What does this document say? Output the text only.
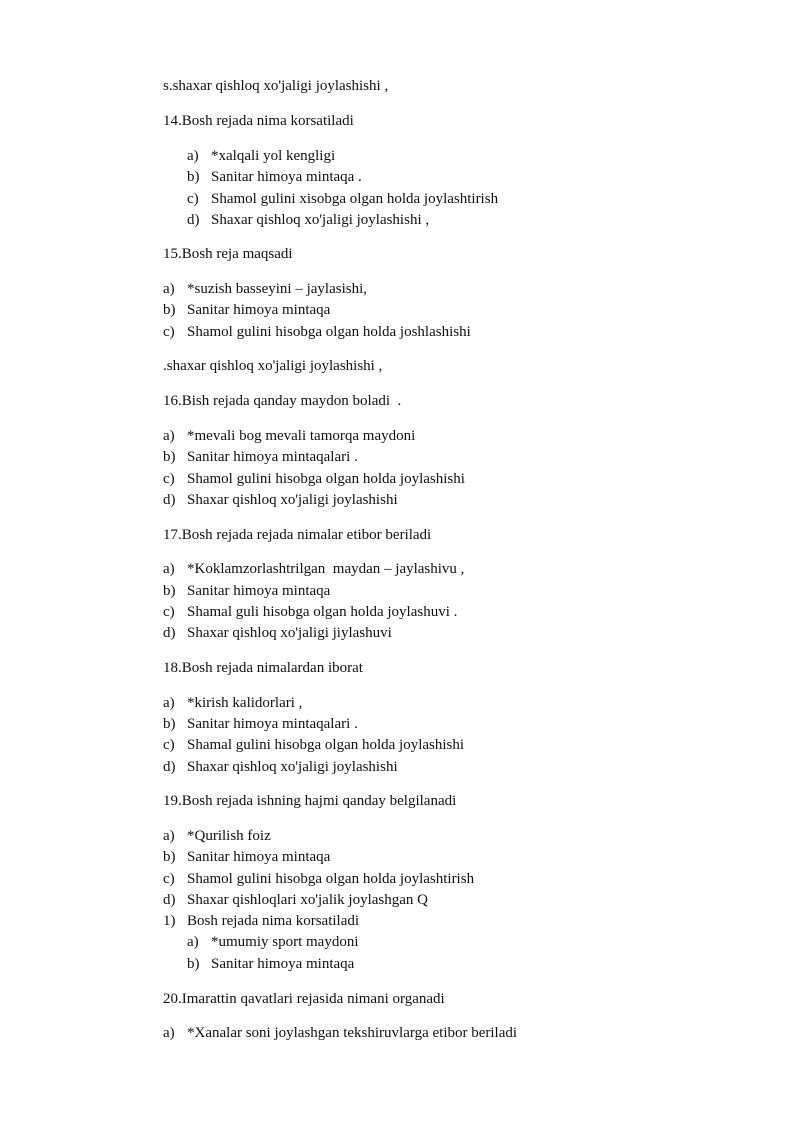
s.shaxar qishloq xo'jaligi joylashishi ,
14.Bosh rejada nima korsatiladi
a) *xalqali yol kengligi
b) Sanitar himoya mintaqa .
c) Shamol gulini xisobga olgan holda joylashtirish
d) Shaxar qishloq xo'jaligi joylashishi ,
15.Bosh reja maqsadi
a) *suzish basseyini – jaylasishi,
b) Sanitar himoya mintaqa
c) Shamol gulini hisobga olgan holda joshlashishi
.shaxar qishloq xo'jaligi joylashishi ,
16.Bish rejada qanday maydon boladi  .
a) *mevali bog mevali tamorqa maydoni
b) Sanitar himoya mintaqalari .
c) Shamol gulini hisobga olgan holda joylashishi
d) Shaxar qishloq xo'jaligi joylashishi
17.Bosh rejada rejada nimalar etibor beriladi
a) *Koklamzorlashtrilgan  maydan – jaylashivu ,
b) Sanitar himoya mintaqa
c) Shamal guli hisobga olgan holda joylashuvi .
d) Shaxar qishloq xo'jaligi jiylashuvi
18.Bosh rejada nimalardan iborat
a) *kirish kalidorlari ,
b) Sanitar himoya mintaqalari .
c) Shamal gulini hisobga olgan holda joylashishi
d) Shaxar qishloq xo'jaligi joylashishi
19.Bosh rejada ishning hajmi qanday belgilanadi
a) *Qurilish foiz
b) Sanitar himoya mintaqa
c) Shamol gulini hisobga olgan holda joylashtirish
d) Shaxar qishloqlari xo'jalik joylashgan Q
1) Bosh rejada nima korsatiladi
a) *umumiy sport maydoni
b) Sanitar himoya mintaqa
20.Imarattin qavatlari rejasida nimani organadi
a) *Xanalar soni joylashgan tekshiruvlarga etibor beriladi
